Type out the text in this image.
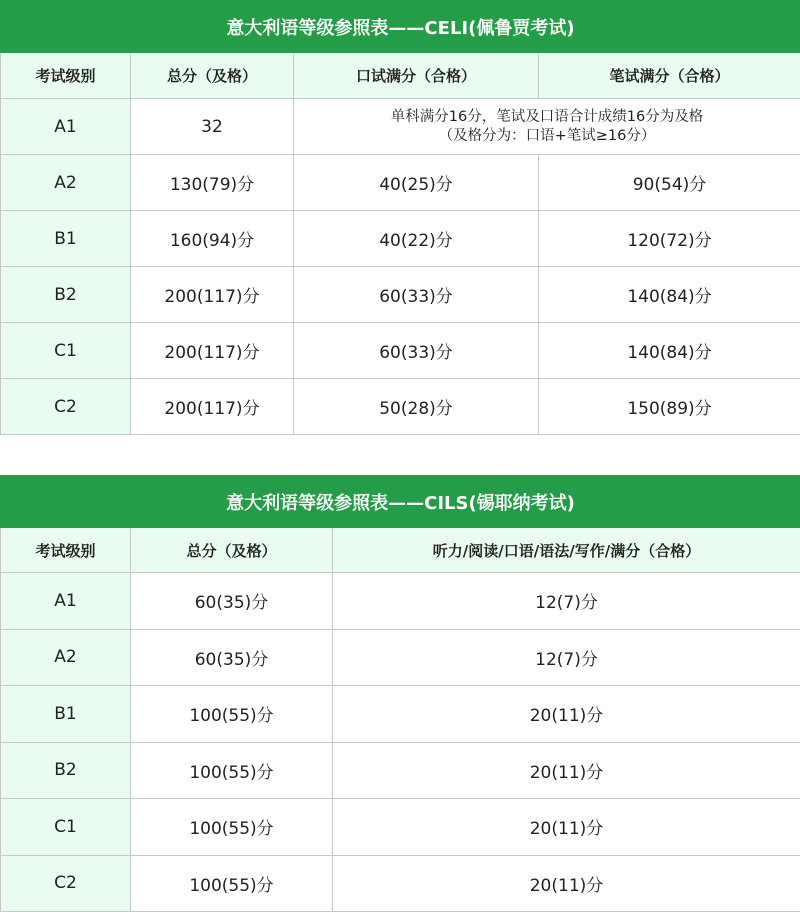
意大利语等级参照表——CELI(佩鲁贾考试)			
考试级别	总分（及格）	口试满分（合格）	笔试满分（合格）
A1	32	单科满分16分，笔试及口语合计成绩16分为及格
（及格分为：口语+笔试≥16分）	

A2	130(79)分	40(25)分	90(54)分
B1	160(94)分	40(22)分	120(72)分
B2	200(117)分	60(33)分	140(84)分
C1	200(117)分	60(33)分	140(84)分
C2	200(117)分	50(28)分	150(89)分
意大利语等级参照表——CILS(锡耶纳考试)		
考试级别	总分（及格）	听力/阅读/口语/语法/写作/满分（合格）
A1	60(35)分	12(7)分
A2	60(35)分	12(7)分
B1	100(55)分	20(11)分
B2	100(55)分	20(11)分
C1	100(55)分	20(11)分
C2	100(55)分	20(11)分
